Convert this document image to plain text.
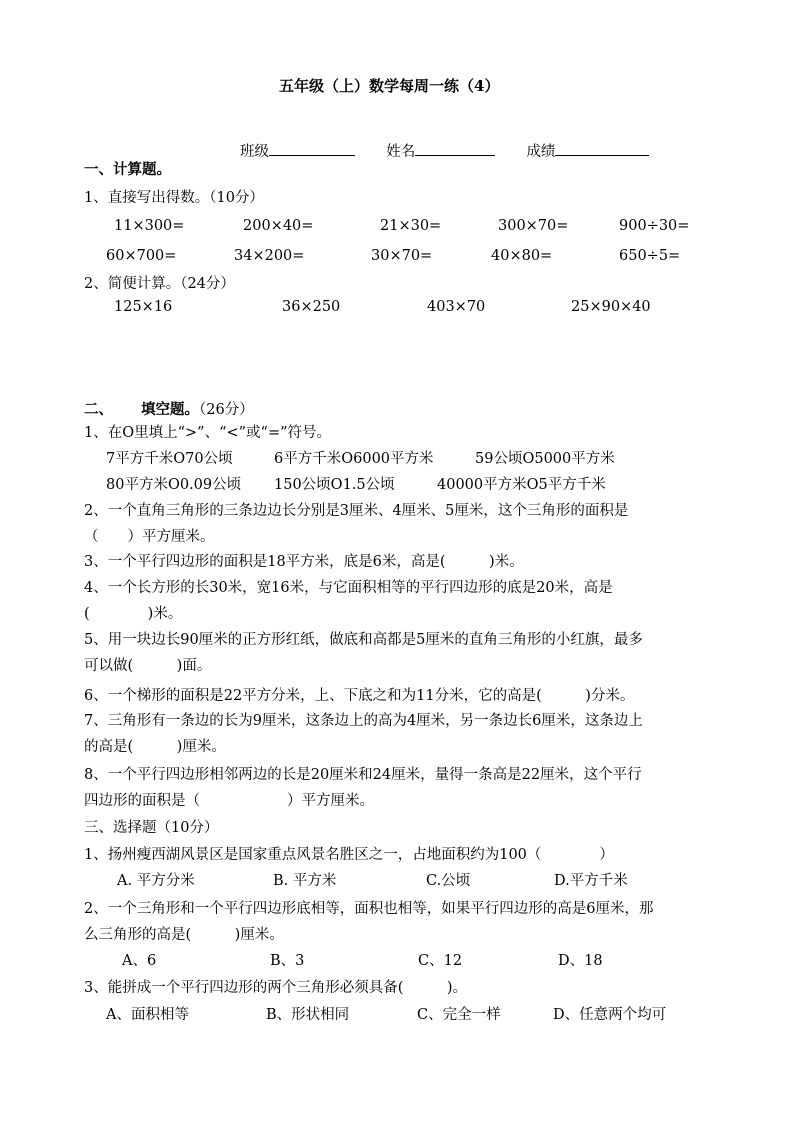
五年级（上）数学每周一练（4）
班级	姓名	成绩
一、计算题。
1、直接写出得数。（10分）
11×300=	200×40=	21×30=	300×70=	900÷30=
60×700=	34×200=	30×70=	40×80=	650÷5=
2、简便计算。（24分）
125×16	36×250	403×70	25×90×40
二、 填空题。（26分）
1、在O里填上“>”、“<”或“=”符号。
7平方千米O70公顷	6平方千米O6000平方米	59公顷O5000平方米
80平方米O0.09公顷 150公顷O1.5公顷	40000平方米O5平方千米
2、一个直角三角形的三条边边长分别是3厘米、4厘米、5厘米，这个三角形的面积是
（　　）平方厘米。
3、一个平行四边形的面积是18平方米，底是6米，高是(　　　)米。
4、一个长方形的长30米，宽16米，与它面积相等的平行四边形的底是20米，高是
(　　　　)米。
5、用一块边长90厘米的正方形红纸，做底和高都是5厘米的直角三角形的小红旗，最多
可以做(　　　)面。
6、一个梯形的面积是22平方分米，上、下底之和为11分米，它的高是(　　　)分米。
7、三角形有一条边的长为9厘米，这条边上的高为4厘米，另一条边长6厘米，这条边上
的高是(　　　)厘米。
8、一个平行四边形相邻两边的长是20厘米和24厘米，量得一条高是22厘米，这个平行
四边形的面积是（　　　　　　）平方厘米。
三、选择题（10分）
1、扬州瘦西湖风景区是国家重点风景名胜区之一，占地面积约为100（　　　　）
A. 平方分米	B. 平方米	C.公顷	D.平方千米
2、一个三角形和一个平行四边形底相等，面积也相等，如果平行四边形的高是6厘米，那
么三角形的高是(　　　)厘米。
A、6	B、3	C、12	D、18
3、能拼成一个平行四边形的两个三角形必须具备(　　　)。
A、面积相等	B、形状相同	C、完全一样	D、任意两个均可
